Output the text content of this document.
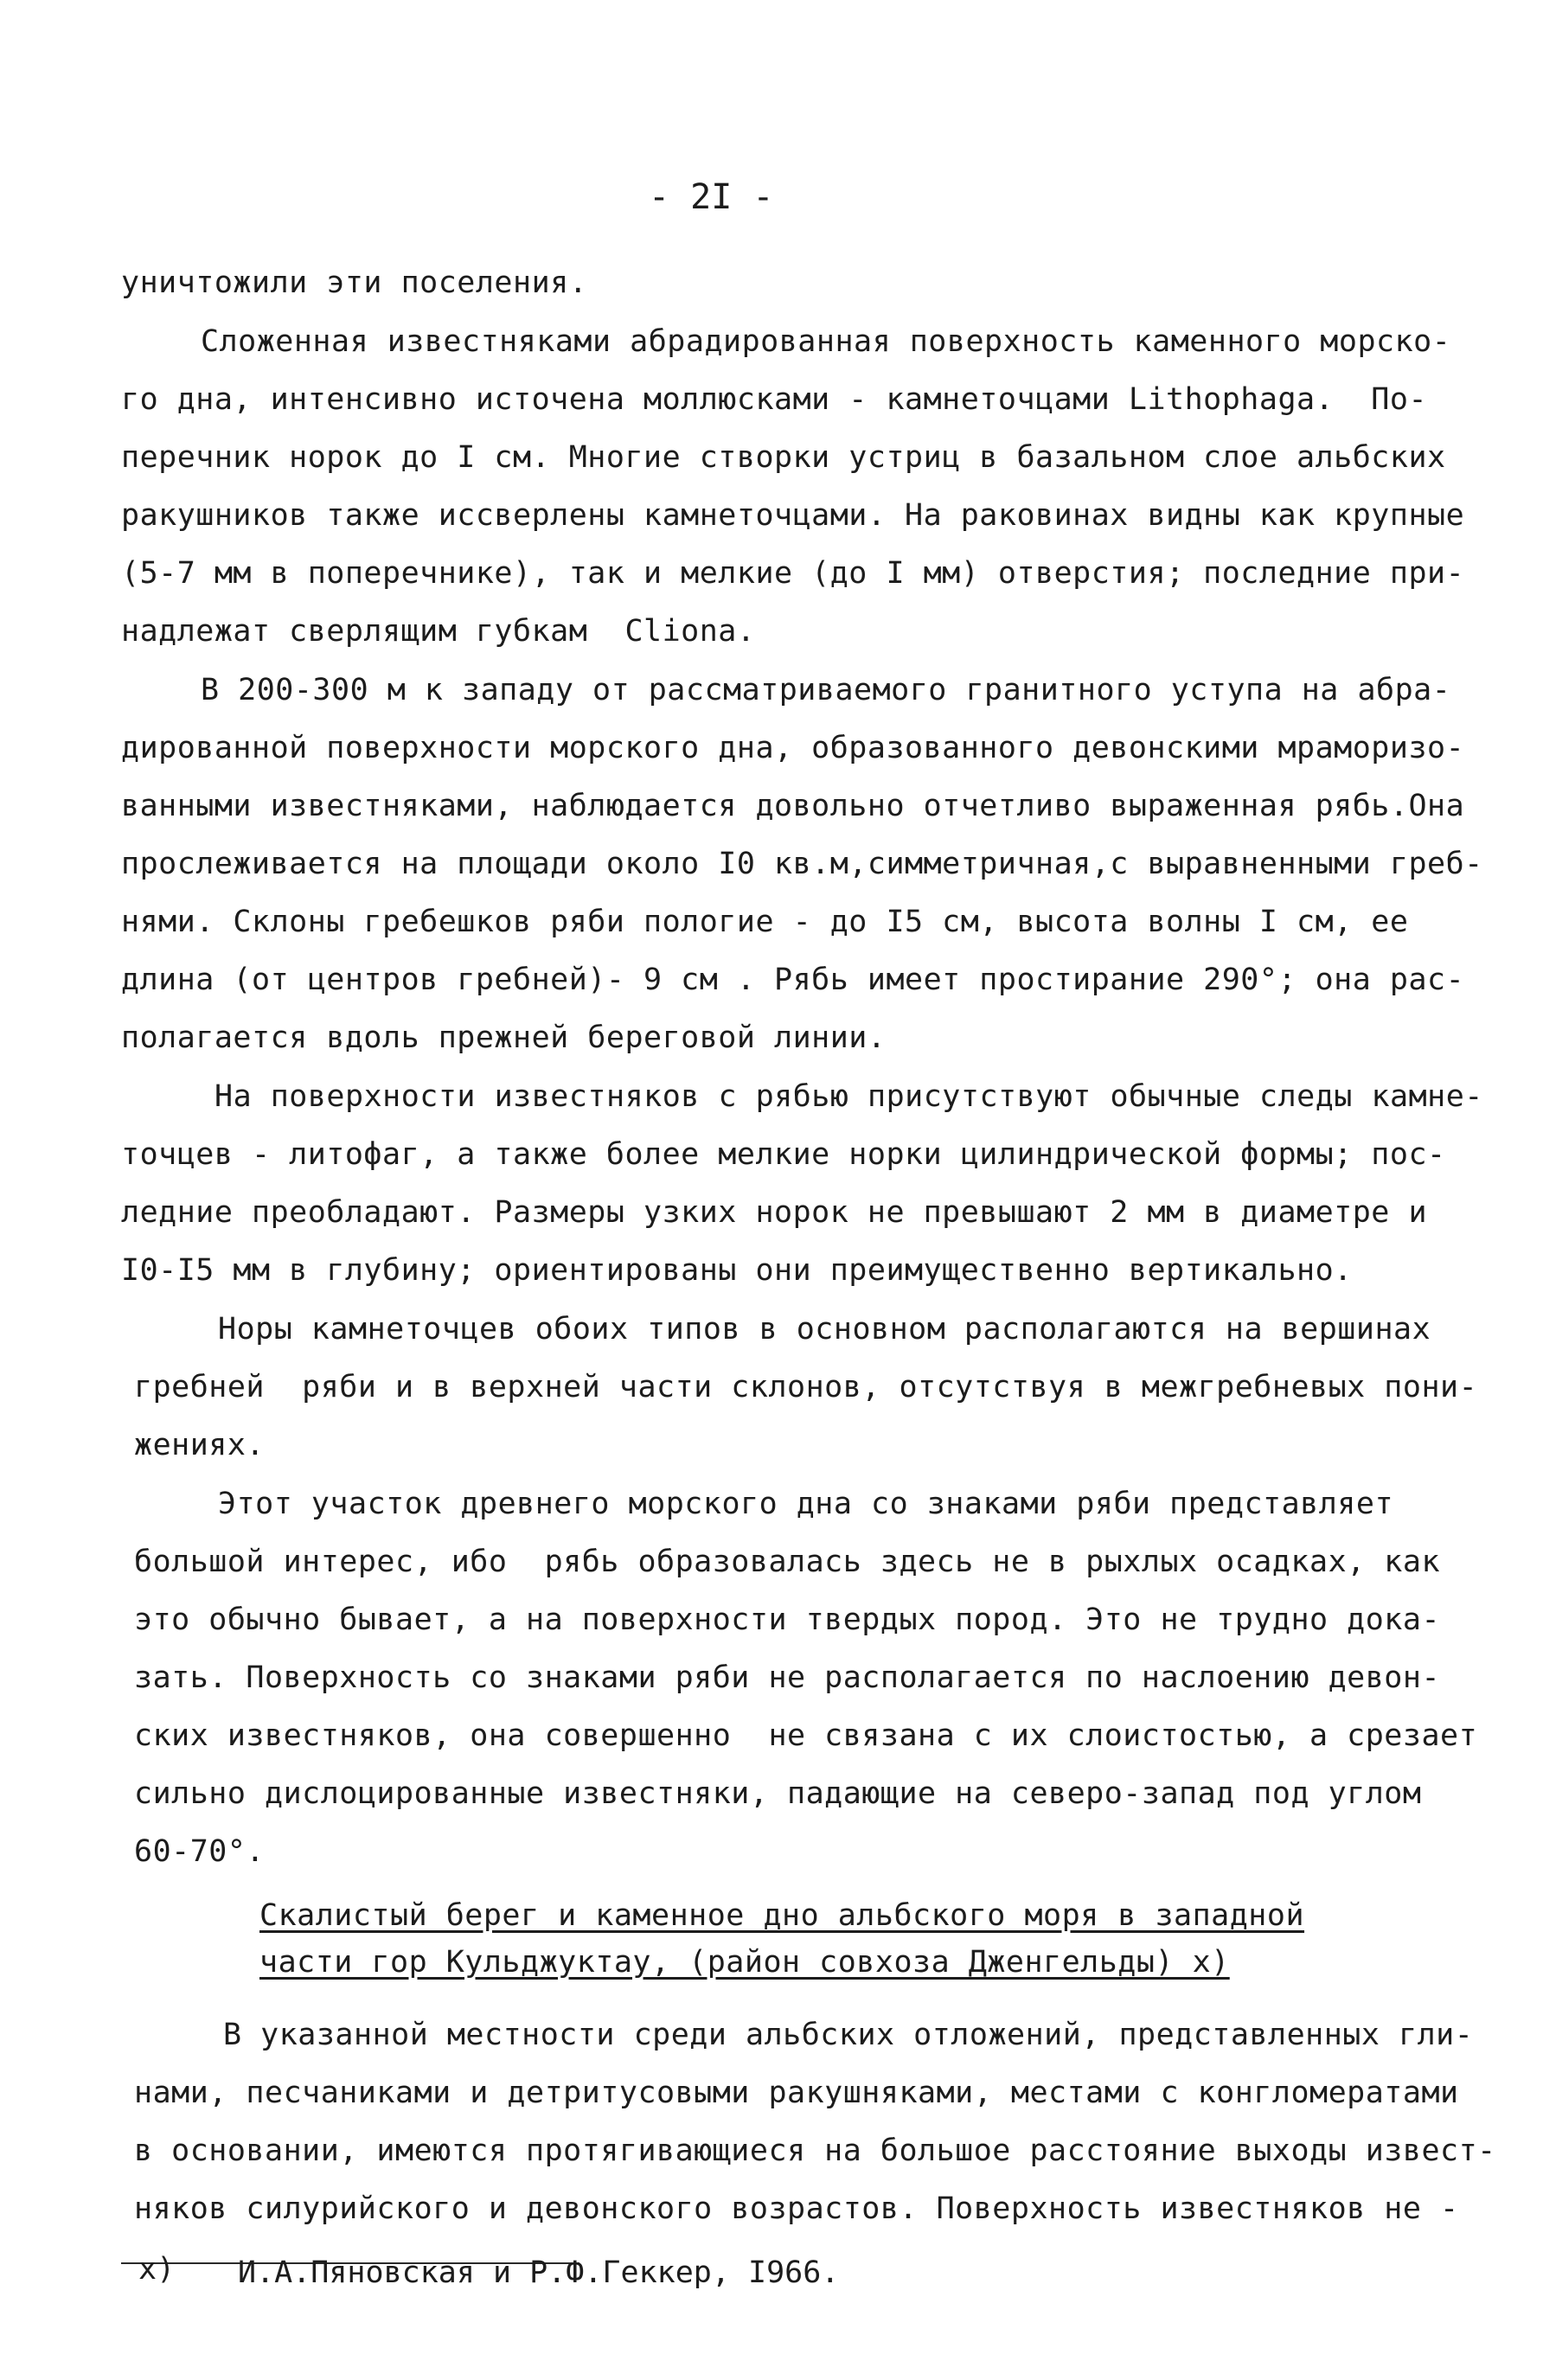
- 2I -
уничтожили эти поселения.
Сложенная известняками абрадированная поверхность каменного морско-
го дна, интенсивно источена моллюсками - камнеточцами Lithophaga.  По-
перечник норок до I см. Многие створки устриц в базальном слое альбских
ракушников также иссверлены камнеточцами. На раковинах видны как крупные
(5-7 мм в поперечнике), так и мелкие (до I мм) отверстия; последние при-
надлежат сверлящим губкам  Cliona.
В 200-300 м к западу от рассматриваемого гранитного уступа на абра-
дированной поверхности морского дна, образованного девонскими мраморизо-
ванными известняками, наблюдается довольно отчетливо выраженная рябь.Она
прослеживается на площади около I0 кв.м,симметричная,с выравненными греб-
нями. Склоны гребешков ряби пологие - до I5 см, высота волны I см, ее
длина (от центров гребней)- 9 см . Рябь имеет простирание 290°; она рас-
полагается вдоль прежней береговой линии.
На поверхности известняков с рябью присутствуют обычные следы камне-
точцев - литофаг, а также более мелкие норки цилиндрической формы; пос-
ледние преобладают. Размеры узких норок не превышают 2 мм в диаметре и
I0-I5 мм в глубину; ориентированы они преимущественно вертикально.
Норы камнеточцев обоих типов в основном располагаются на вершинах
гребней  ряби и в верхней части склонов, отсутствуя в межгребневых пони-
жениях.
Этот участок древнего морского дна со знаками ряби представляет
большой интерес, ибо  рябь образовалась здесь не в рыхлых осадках, как
это обычно бывает, а на поверхности твердых пород. Это не трудно дока-
зать. Поверхность со знаками ряби не располагается по наслоению девон-
ских известняков, она совершенно  не связана с их слоистостью, а срезает
сильно дислоцированные известняки, падающие на северо-запад под углом
60-70°.
Скалистый берег и каменное дно альбского моря в западной
части гор Кульджуктау, (район совхоза Дженгельды) x)
В указанной местности среди альбских отложений, представленных гли-
нами, песчаниками и детритусовыми ракушняками, местами с конгломератами
в основании, имеются протягивающиеся на большое расстояние выходы извест-
няков силурийского и девонского возрастов. Поверхность известняков не -
x) И.А.Пяновская и Р.Ф.Геккер, I966.
